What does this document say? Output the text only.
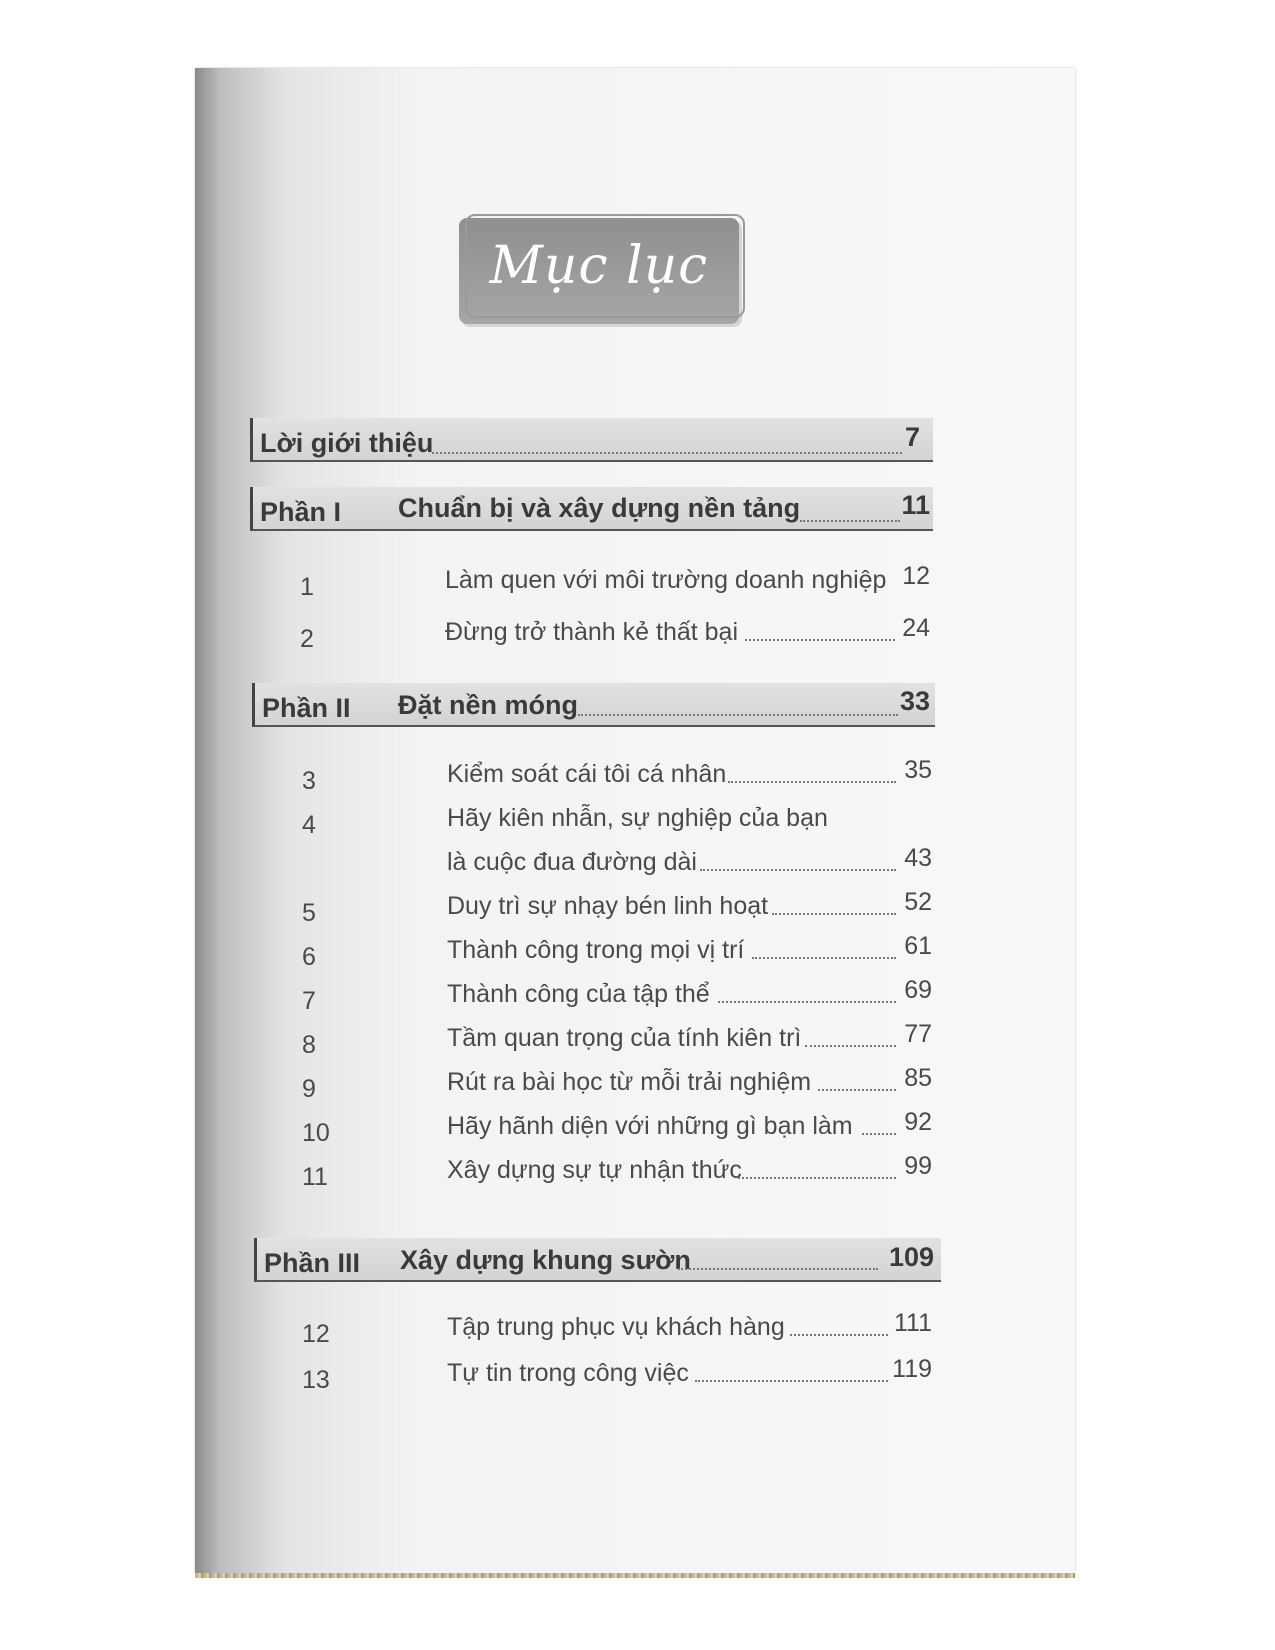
Mục lục
Lời giới thiệu	7
Phần I Chuẩn bị và xây dựng nền tảng	11
1	Làm quen với môi trường doanh nghiệp 12
2	Đừng trở thành kẻ thất bại	24
Phần II Đặt nền móng	33
3	Kiểm soát cái tôi cá nhân	35
4	Hãy kiên nhẫn, sự nghiệp của bạn
là cuộc đua đường dài	43
5	Duy trì sự nhạy bén linh hoạt	52
6	Thành công trong mọi vị trí	61
7	Thành công của tập thể	69
8	Tầm quan trọng của tính kiên trì	77
9	Rút ra bài học từ mỗi trải nghiệm	85
10	Hãy hãnh diện với những gì bạn làm	92
11	Xây dựng sự tự nhận thức	99
Phần III Xây dựng khung sườn	109
12	Tập trung phục vụ khách hàng	111
13	Tự tin trong công việc	119
